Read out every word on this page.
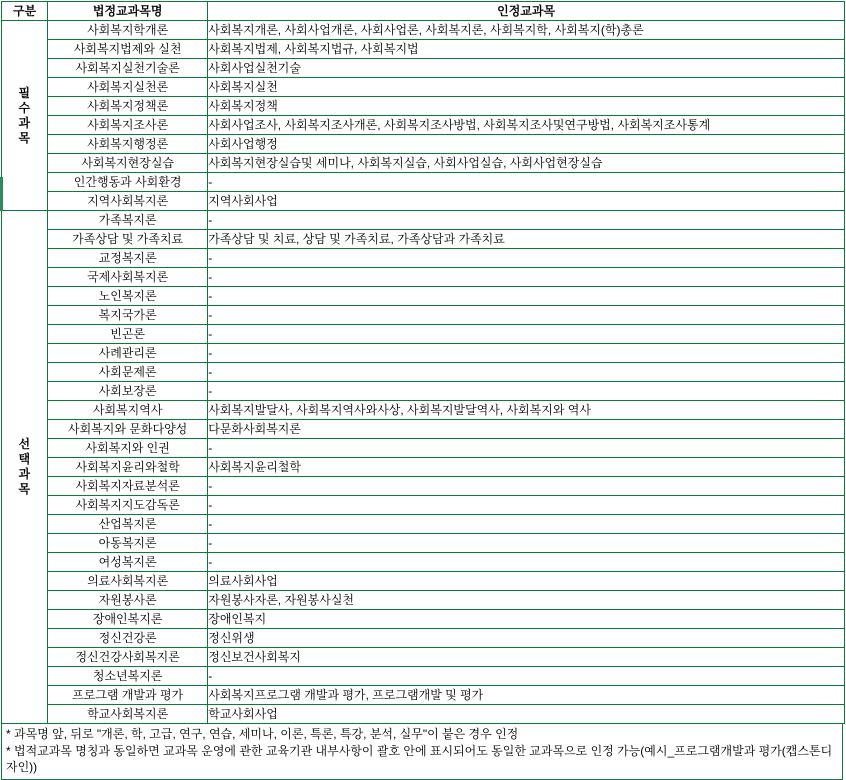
구분	법정교과목명	인정교과목

필
수
과
목	사회복지학개론	사회복지개론, 사회사업개론, 사회사업론, 사회복지론, 사회복지학, 사회복지(학)총론
	사회복지법제와 실천	사회복지법제, 사회복지법규, 사회복지법
	사회복지실천기술론	사회사업실천기술
	사회복지실천론	사회복지실천
	사회복지정책론	사회복지정책
	사회복지조사론	사회사업조사, 사회복지조사개론, 사회복지조사방법, 사회복지조사및연구방법, 사회복지조사통계
	사회복지행정론	사회사업행정
	사회복지현장실습	사회복지현장실습및 세미나, 사회복지실습, 사회사업실습, 사회사업현장실습
	인간행동과 사회환경	-
	지역사회복지론	지역사회사업

선
택
과
목	가족복지론	-
	가족상담 및 가족치료	가족상담 및 치료, 상담 및 가족치료, 가족상담과 가족치료
	교정복지론	-
	국제사회복지론	-
	노인복지론	-
	복지국가론	-
	빈곤론	-
	사례관리론	-
	사회문제론	-
	사회보장론	-
	사회복지역사	사회복지발달사, 사회복지역사와사상, 사회복지발달역사, 사회복지와 역사
	사회복지와 문화다양성	다문화사회복지론
	사회복지와 인권	-
	사회복지윤리와철학	사회복지윤리철학
	사회복지자료분석론	-
	사회복지지도감독론	-
	산업복지론	-
	아동복지론	-
	여성복지론	-
	의료사회복지론	의료사회사업
	자원봉사론	자원봉사자론, 자원봉사실천
	장애인복지론	장애인복지
	정신건강론	정신위생
	정신건강사회복지론	정신보건사회복지
	청소년복지론	-
	프로그램 개발과 평가	사회복지프로그램 개발과 평가, 프로그램개발 및 평가
	학교사회복지론	학교사회사업
* 과목명 앞, 뒤로 "개론, 학, 고급, 연구, 연습, 세미나, 이론, 특론, 특강, 분석, 실무"이 붙은 경우 인정
* 법적교과목 명칭과 동일하면 교과목 운영에 관한 교육기관 내부사항이 괄호 안에 표시되어도 동일한 교과목으로 인정 가능(예시_프로그램개발과 평가(캡스톤디자인))
